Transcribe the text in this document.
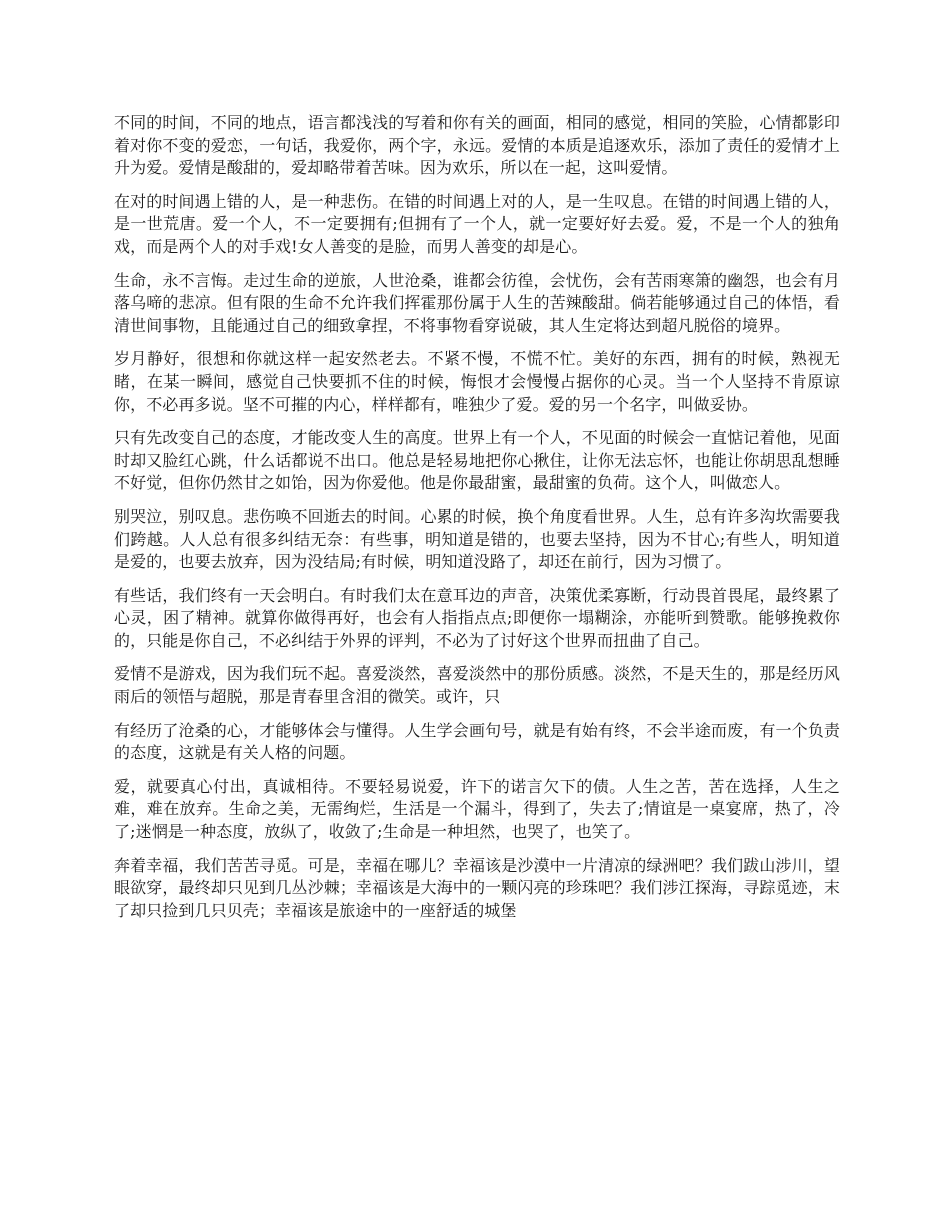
不同的时间，不同的地点，语言都浅浅的写着和你有关的画面，相同的感觉，相同的笑脸，心情都影印着对你不变的爱恋，一句话，我爱你，两个字，永远。爱情的本质是追逐欢乐，添加了责任的爱情才上升为爱。爱情是酸甜的，爱却略带着苦味。因为欢乐，所以在一起，这叫爱情。

在对的时间遇上错的人，是一种悲伤。在错的时间遇上对的人，是一生叹息。在错的时间遇上错的人，是一世荒唐。爱一个人，不一定要拥有;但拥有了一个人，就一定要好好去爱。爱，不是一个人的独角戏，而是两个人的对手戏!女人善变的是脸，而男人善变的却是心。

生命，永不言悔。走过生命的逆旅，人世沧桑，谁都会彷徨，会忧伤，会有苦雨寒箫的幽怨，也会有月落乌啼的悲凉。但有限的生命不允许我们挥霍那份属于人生的苦辣酸甜。倘若能够通过自己的体悟，看清世间事物，且能通过自己的细致拿捏，不将事物看穿说破，其人生定将达到超凡脱俗的境界。

岁月静好，很想和你就这样一起安然老去。不紧不慢，不慌不忙。美好的东西，拥有的时候，熟视无睹，在某一瞬间，感觉自己快要抓不住的时候，悔恨才会慢慢占据你的心灵。当一个人坚持不肯原谅你，不必再多说。坚不可摧的内心，样样都有，唯独少了爱。爱的另一个名字，叫做妥协。

只有先改变自己的态度，才能改变人生的高度。世界上有一个人，不见面的时候会一直惦记着他，见面时却又脸红心跳，什么话都说不出口。他总是轻易地把你心揪住，让你无法忘怀，也能让你胡思乱想睡不好觉，但你仍然甘之如饴，因为你爱他。他是你最甜蜜，最甜蜜的负荷。这个人，叫做恋人。

别哭泣，别叹息。悲伤唤不回逝去的时间。心累的时候，换个角度看世界。人生，总有许多沟坎需要我们跨越。人人总有很多纠结无奈：有些事，明知道是错的，也要去坚持，因为不甘心;有些人，明知道是爱的，也要去放弃，因为没结局;有时候，明知道没路了，却还在前行，因为习惯了。

有些话，我们终有一天会明白。有时我们太在意耳边的声音，决策优柔寡断，行动畏首畏尾，最终累了心灵，困了精神。就算你做得再好，也会有人指指点点;即便你一塌糊涂，亦能听到赞歌。能够挽救你的，只能是你自己，不必纠结于外界的评判，不必为了讨好这个世界而扭曲了自己。

爱情不是游戏，因为我们玩不起。喜爱淡然，喜爱淡然中的那份质感。淡然，不是天生的，那是经历风雨后的领悟与超脱，那是青春里含泪的微笑。或许，只

有经历了沧桑的心，才能够体会与懂得。人生学会画句号，就是有始有终，不会半途而废，有一个负责的态度，这就是有关人格的问题。

爱，就要真心付出，真诚相待。不要轻易说爱，许下的诺言欠下的债。人生之苦，苦在选择，人生之难，难在放弃。生命之美，无需绚烂，生活是一个漏斗，得到了，失去了;情谊是一桌宴席，热了，冷了;迷惘是一种态度，放纵了，收敛了;生命是一种坦然，也哭了，也笑了。

奔着幸福，我们苦苦寻觅。可是，幸福在哪儿？幸福该是沙漠中一片清凉的绿洲吧？我们跋山涉川，望眼欲穿，最终却只见到几丛沙棘；幸福该是大海中的一颗闪亮的珍珠吧？我们涉江探海，寻踪觅迹，末了却只捡到几只贝壳；幸福该是旅途中的一座舒适的城堡
